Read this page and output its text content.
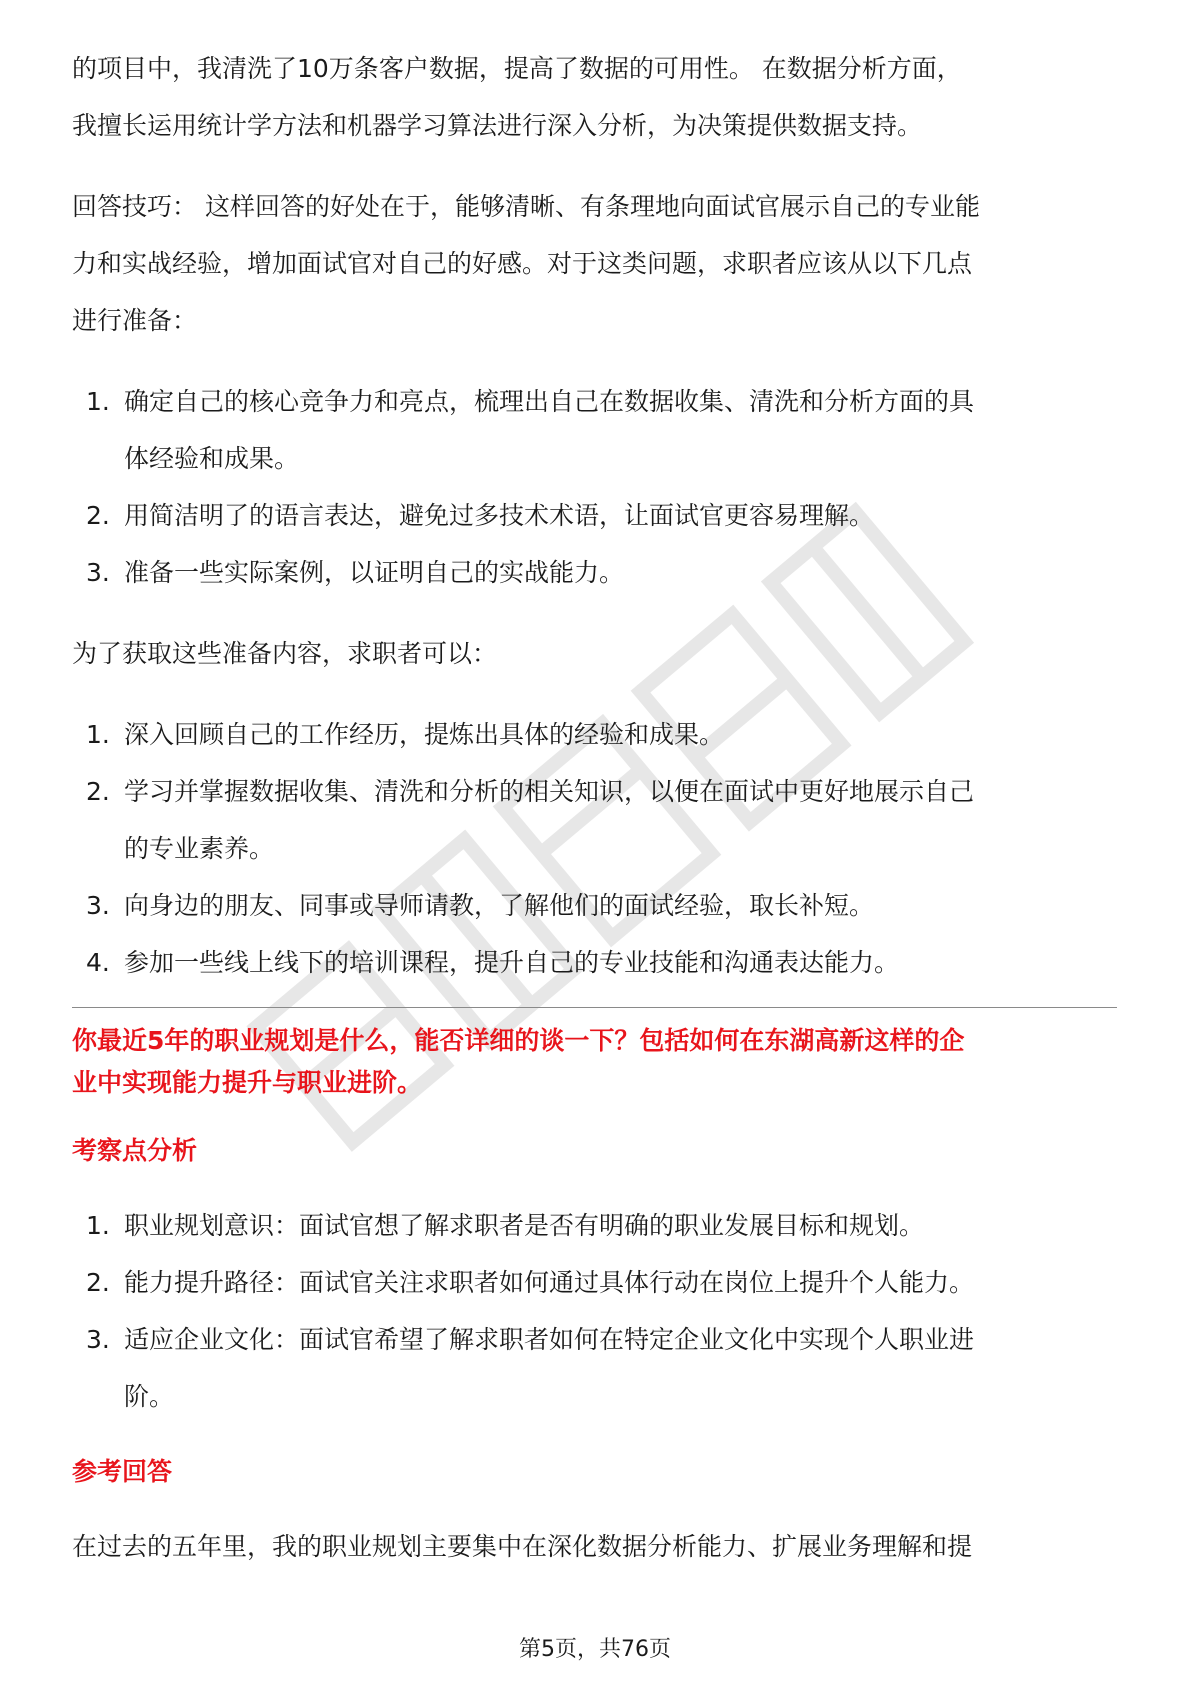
的项目中，我清洗了10万条客户数据，提高了数据的可用性。 在数据分析方面，

我擅长运用统计学方法和机器学习算法进行深入分析，为决策提供数据支持。

回答技巧： 这样回答的好处在于，能够清晰、有条理地向面试官展示自己的专业能

力和实战经验，增加面试官对自己的好感。对于这类问题，求职者应该从以下几点

进行准备：

1. 确定自己的核心竞争力和亮点，梳理出自己在数据收集、清洗和分析方面的具
体经验和成果。
2. 用简洁明了的语言表达，避免过多技术术语，让面试官更容易理解。
3. 准备一些实际案例，以证明自己的实战能力。

为了获取这些准备内容，求职者可以：

1. 深入回顾自己的工作经历，提炼出具体的经验和成果。
2. 学习并掌握数据收集、清洗和分析的相关知识，以便在面试中更好地展示自己
的专业素养。
3. 向身边的朋友、同事或导师请教，了解他们的面试经验，取长补短。
4. 参加一些线上线下的培训课程，提升自己的专业技能和沟通表达能力。

你最近5年的职业规划是什么，能否详细的谈一下？包括如何在东湖高新这样的企

业中实现能力提升与职业进阶。

考察点分析

1. 职业规划意识：面试官想了解求职者是否有明确的职业发展目标和规划。
2. 能力提升路径：面试官关注求职者如何通过具体行动在岗位上提升个人能力。
3. 适应企业文化：面试官希望了解求职者如何在特定企业文化中实现个人职业进
阶。

参考回答

在过去的五年里，我的职业规划主要集中在深化数据分析能力、扩展业务理解和提

第5页，共76页
